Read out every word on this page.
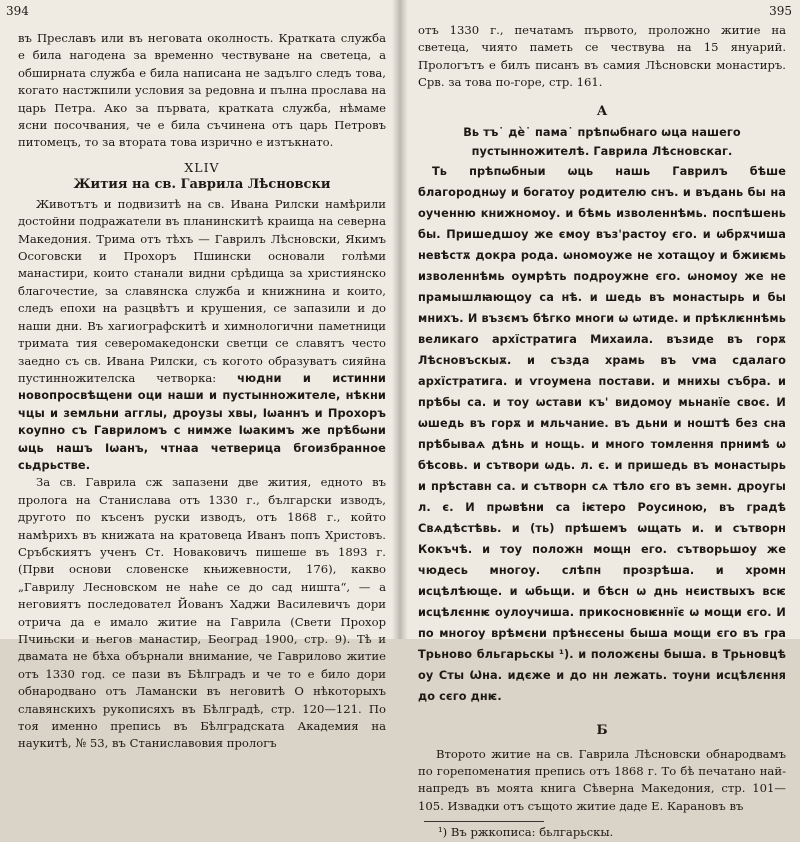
394

въ Преславъ или въ неговата околность. Кратката служба е била нагодена за временно чествуване на светеца, а обширната служба е била написана не задълго следъ това, когато настжпили условия за редовна и пълна прослава на царь Петра. Ако за първата, кратката служба, нѣмаме ясни посочвания, че е била съчинена отъ царь Петровъ питомецъ, то за втората това изрично е изтъкнато.

XLIV
Жития на св. Гаврила Лѣсновски

Животътъ и подвизитѣ на св. Ивана Рилски намѣрили достойни подражатели въ планинскитѣ краища на северна Македония. Трима отъ тѣхъ — Гаврилъ Лѣсновски, Якимъ Осоговски и Прохоръ Пшински основали голѣми манастири, които станали видни срѣдища за християнско благочестие, за славянска служба и книжнина и които, следъ епохи на разцвѣтъ и крушения, се запазили и до наши дни. Въ хагиографскитѣ и химнологични паметници тримата тия северомакедонски светци се славятъ често заедно съ св. Ивана Рилски, съ когото образуватъ сияйна пустинножителска четворка: чюдни и истинни новопросвѣщени оци наши и пустынножителе, нѣкни чцы и земльни агглы, дроузы хвы, Іωаннъ и Прохоръ коупно съ Гавриломъ с нимже Іωакимъ же прѣбωни ωць нашъ Іωанъ, чтнаа четверица бгоизбранное сьдрьстве.

За св. Гаврила сж запазени две жития, едното въ пролога на Станислава отъ 1330 г., български изводъ, другото по късенъ руски изводъ, отъ 1868 г., който намѣрихъ въ книжата на кратовеца Иванъ попъ Христовъ. Сръбскиятъ ученъ Ст. Новаковичъ пишеше въ 1893 г. (Први основи словенске књижевности, 176), какво „Гаврилу Лесновском не наће се до сад ништа“, — а неговиятъ последовател Йованъ Хаджи Василевичъ дори отрича да е имало житие на Гаврила (Свети Прохор Пчињски и његов манастир, Београд 1900, стр. 9). Тѣ и двамата не бѣха обърнали внимание, че Гаврилово житие отъ 1330 год. се пази въ Бѣлградъ и че то е било дори обнародвано отъ Ламански въ неговитѣ О нѣкоторыхъ славянскихъ рукописяхъ въ Бѣлградѣ, стр. 120—121. По тоя именно препись въ Бѣлградската Академия на наукитѣ, № 53, въ Станиславовия прологъ

395

отъ 1330 г., печатамъ първото, проложно житие на светеца, чиято паметь се чествува на 15 януарий. Прологътъ е билъ писанъ въ самия Лѣсновски монастиръ. Срв. за това по-горе, стр. 161.

А

Вь тъ˙ дѐ˙ пама˙ прѣпѡбнаго ѡца нашего пустынножителѣ. Гаврила Лѣсновскаг.

Ть прѣпѡбныи ѡць нашь Гаврилъ бѣше благороднѡу и богатоу родителю снъ. и въдань бы на оученню книжномоу. и бѣмь изволеннѣмь. поспѣшень бы. Пришедшоу же ємоу въз'растоу єго. и ѡбрѫчиша невѣстѫ докра рода. ѡномоуже не хотащоу и бжиѥмь изволеннѣмь оумрѣть подроужне єго. ѡномоу же не прамышлꙗющоу са нѣ. и шедь въ монастырь и бы мнихъ. И възємъ бѣгко многи ѡ ѡтиде. и прѣклѥннѣмь великаго архїстратига Михаила. възиде въ горѫ Лѣсновъскыѫ. и създа храмь въ ѵма сдалаго архїстратига. и ѵгоумена постави. и мнихы събра. и прѣбы са. и тоу ѡстави къ' видомоу мьнанїе своє. И ѡшедь въ горѫ и мльчание. въ дьни и ноштѣ без сна прѣбываѧ дѣнь и нощь. и много томлення прнимѣ ѡ бѣсовь. и сътвори ѡдь. л. є. и пришедь въ монастырь и прѣставн са. и сътворн сѧ тѣло єго въ земн. дроугы л. є. И прѡвѣни са іѥтеро Роусиною, въ градѣ Свѧдѣстѣвь. и (ть) прѣшемъ ѡщать и. и сътворн Кокъчѣ. и тоу положн мощн его. сътворьшоу же чюдесь многоу. слѣпн прозрѣша. и хромн исцѣлѣюще. и ѡбьщи. и бѣсн ѡ днь нєиствыхъ всѥ исцѣлєннѥ оулоучиша. прикосновѥннїє ѡ мощи єго. И по многоу врѣмєни прѣнєсены быша мощи єго въ гра Трьново бльгарьскы ¹). и положєны быша. в Трьновцѣ оу Сты Ѡна. идєже и до нн лежать. тоуни исцѣлєння до сєго днѥ.

Б

Второто житие на св. Гаврила Лѣсновски обнародвамъ по горепоменатия препись отъ 1868 г. То бѣ печатано най-напредъ въ моята книга Сѣверна Македония, стр. 101—105. Извадки отъ същото житие даде Е. Карановъ въ

¹) Въ ржкописа: бьлгарьскы.
